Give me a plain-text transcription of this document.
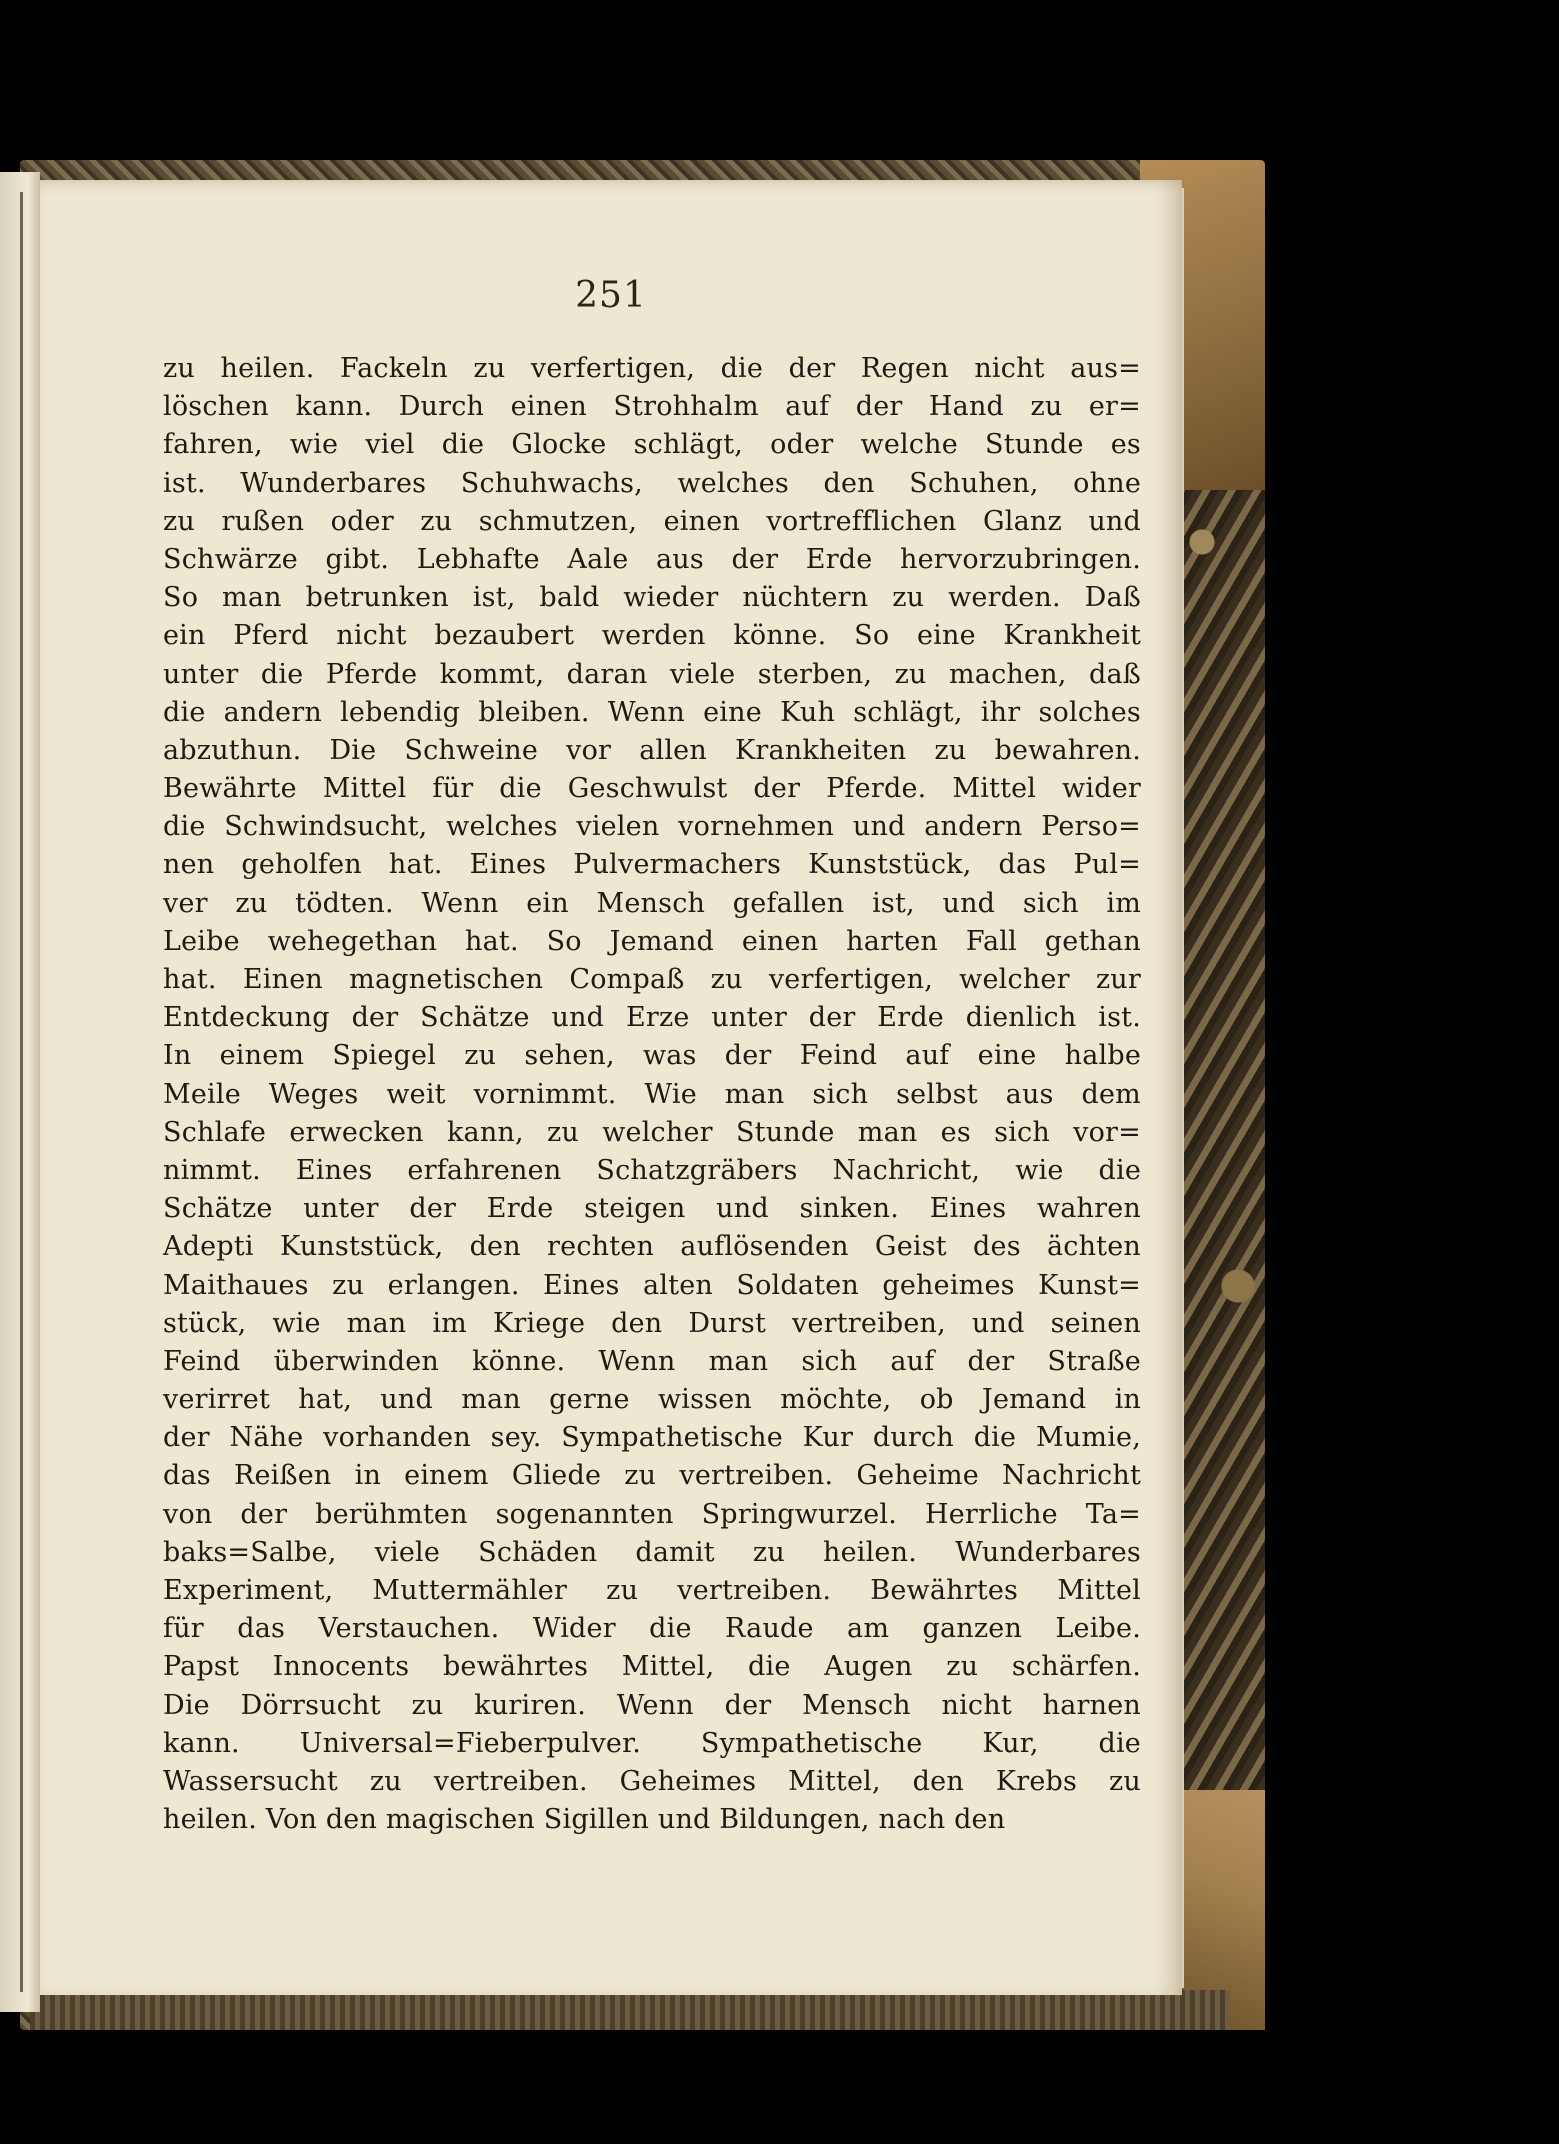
251
zu heilen. Fackeln zu verfertigen, die der Regen nicht aus=
löschen kann. Durch einen Strohhalm auf der Hand zu er=
fahren, wie viel die Glocke schlägt, oder welche Stunde es
ist. Wunderbares Schuhwachs, welches den Schuhen, ohne
zu rußen oder zu schmutzen, einen vortrefflichen Glanz und
Schwärze gibt. Lebhafte Aale aus der Erde hervorzubringen.
So man betrunken ist, bald wieder nüchtern zu werden. Daß
ein Pferd nicht bezaubert werden könne. So eine Krankheit
unter die Pferde kommt, daran viele sterben, zu machen, daß
die andern lebendig bleiben. Wenn eine Kuh schlägt, ihr solches
abzuthun. Die Schweine vor allen Krankheiten zu bewahren.
Bewährte Mittel für die Geschwulst der Pferde. Mittel wider
die Schwindsucht, welches vielen vornehmen und andern Perso=
nen geholfen hat. Eines Pulvermachers Kunststück, das Pul=
ver zu tödten. Wenn ein Mensch gefallen ist, und sich im
Leibe wehegethan hat. So Jemand einen harten Fall gethan
hat. Einen magnetischen Compaß zu verfertigen, welcher zur
Entdeckung der Schätze und Erze unter der Erde dienlich ist.
In einem Spiegel zu sehen, was der Feind auf eine halbe
Meile Weges weit vornimmt. Wie man sich selbst aus dem
Schlafe erwecken kann, zu welcher Stunde man es sich vor=
nimmt. Eines erfahrenen Schatzgräbers Nachricht, wie die
Schätze unter der Erde steigen und sinken. Eines wahren
Adepti Kunststück, den rechten auflösenden Geist des ächten
Maithaues zu erlangen. Eines alten Soldaten geheimes Kunst=
stück, wie man im Kriege den Durst vertreiben, und seinen
Feind überwinden könne. Wenn man sich auf der Straße
verirret hat, und man gerne wissen möchte, ob Jemand in
der Nähe vorhanden sey. Sympathetische Kur durch die Mumie,
das Reißen in einem Gliede zu vertreiben. Geheime Nachricht
von der berühmten sogenannten Springwurzel. Herrliche Ta=
baks=Salbe, viele Schäden damit zu heilen. Wunderbares
Experiment, Muttermähler zu vertreiben. Bewährtes Mittel
für das Verstauchen. Wider die Raude am ganzen Leibe.
Papst Innocents bewährtes Mittel, die Augen zu schärfen.
Die Dörrsucht zu kuriren. Wenn der Mensch nicht harnen
kann. Universal=Fieberpulver. Sympathetische Kur, die
Wassersucht zu vertreiben. Geheimes Mittel, den Krebs zu
heilen. Von den magischen Sigillen und Bildungen, nach den
